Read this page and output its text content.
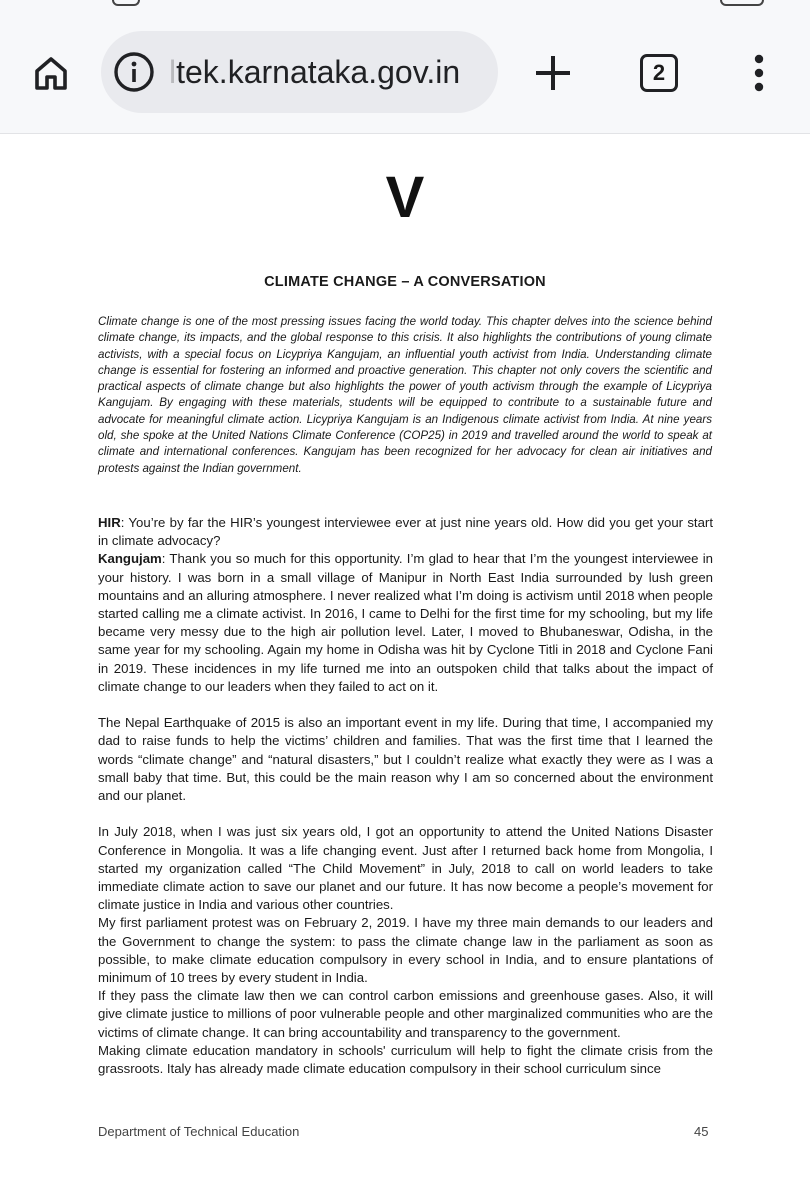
ltek.karnataka.gov.in	2
V
CLIMATE CHANGE – A CONVERSATION

Climate change is one of the most pressing issues facing the world today. This chapter delves into the science behind climate change, its impacts, and the global response to this crisis. It also highlights the contributions of young climate activists, with a special focus on Licypriya Kangujam, an influential youth activist from India. Understanding climate change is essential for fostering an informed and proactive generation. This chapter not only covers the scientific and practical aspects of climate change but also highlights the power of youth activism through the example of Licypriya Kangujam. By engaging with these materials, students will be equipped to contribute to a sustainable future and advocate for meaningful climate action. Licypriya Kangujam is an Indigenous climate activist from India. At nine years old, she spoke at the United Nations Climate Conference (COP25) in 2019 and travelled around the world to speak at climate and international conferences. Kangujam has been recognized for her advocacy for clean air initiatives and protests against the Indian government.

HIR: You’re by far the HIR’s youngest interviewee ever at just nine years old. How did you get your start in climate advocacy?

Kangujam: Thank you so much for this opportunity. I’m glad to hear that I’m the youngest interviewee in your history. I was born in a small village of Manipur in North East India surrounded by lush green mountains and an alluring atmosphere. I never realized what I’m doing is activism until 2018 when people started calling me a climate activist. In 2016, I came to Delhi for the first time for my schooling, but my life became very messy due to the high air pollution level. Later, I moved to Bhubaneswar, Odisha, in the same year for my schooling. Again my home in Odisha was hit by Cyclone Titli in 2018 and Cyclone Fani in 2019. These incidences in my life turned me into an outspoken child that talks about the impact of climate change to our leaders when they failed to act on it.

The Nepal Earthquake of 2015 is also an important event in my life. During that time, I accompanied my dad to raise funds to help the victims’ children and families. That was the first time that I learned the words “climate change” and “natural disasters,” but I couldn’t realize what exactly they were as I was a small baby that time. But, this could be the main reason why I am so concerned about the environment and our planet.

In July 2018, when I was just six years old, I got an opportunity to attend the United Nations Disaster Conference in Mongolia. It was a life changing event. Just after I returned back home from Mongolia, I started my organization called “The Child Movement” in July, 2018 to call on world leaders to take immediate climate action to save our planet and our future. It has now become a people’s movement for climate justice in India and various other countries.

My first parliament protest was on February 2, 2019. I have my three main demands to our leaders and the Government to change the system: to pass the climate change law in the parliament as soon as possible, to make climate education compulsory in every school in India, and to ensure plantations of minimum of 10 trees by every student in India.

If they pass the climate law then we can control carbon emissions and greenhouse gases. Also, it will give climate justice to millions of poor vulnerable people and other marginalized communities who are the victims of climate change. It can bring accountability and transparency to the government.

Making climate education mandatory in schools' curriculum will help to fight the climate crisis from the grassroots. Italy has already made climate education compulsory in their school curriculum since

Department of Technical Education	45
